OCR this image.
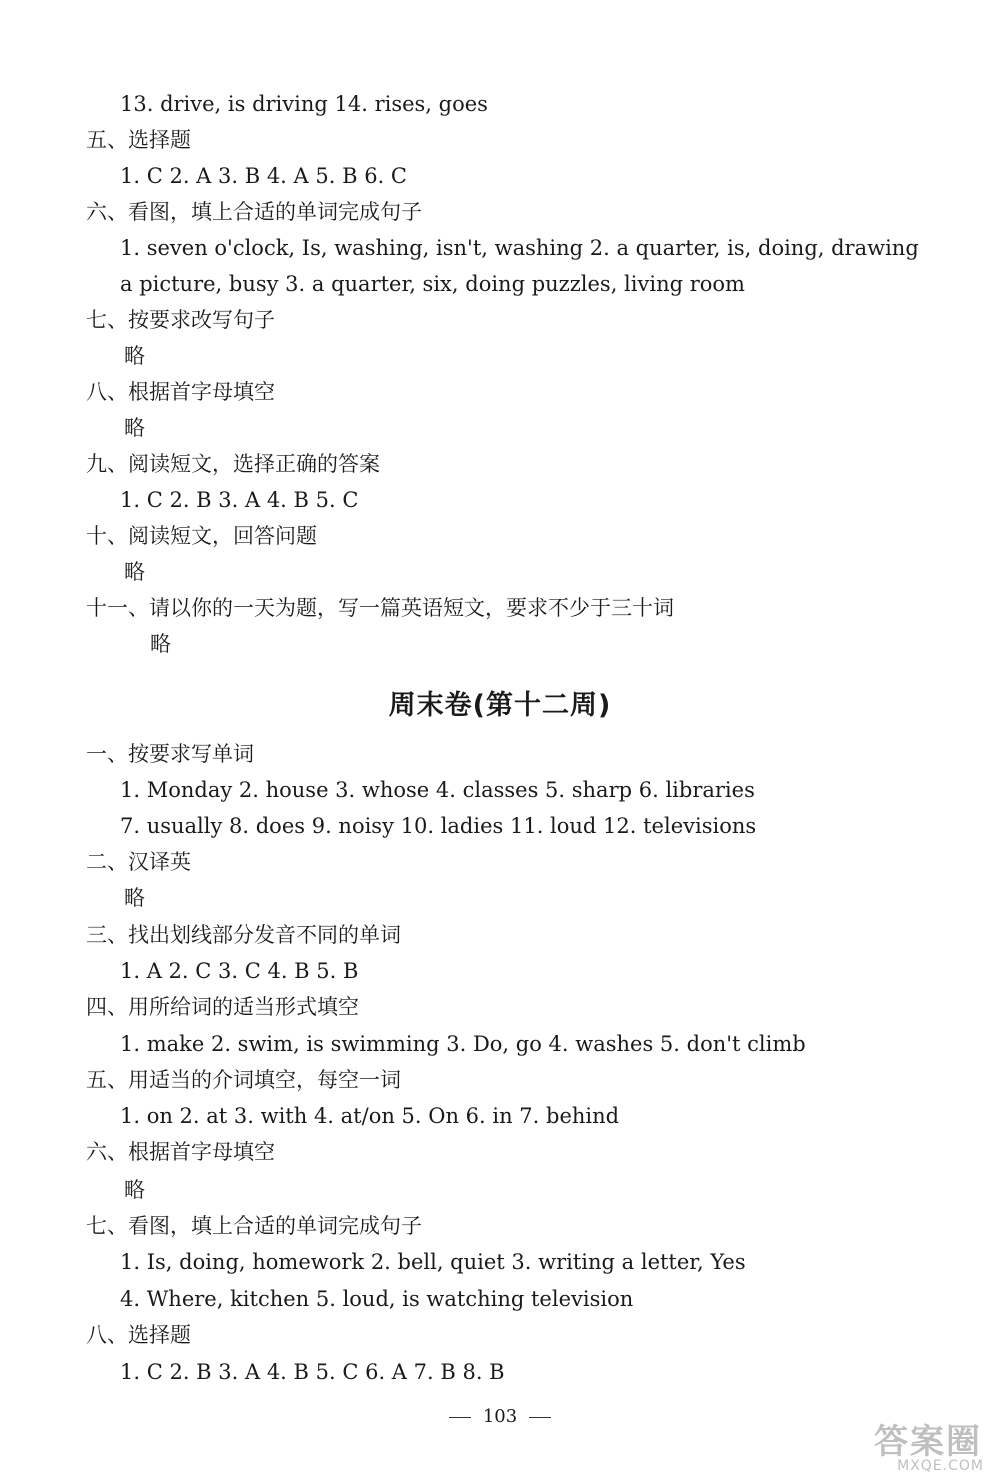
13. drive, is driving 14. rises, goes
五、选择题
1. C 2. A 3. B 4. A 5. B 6. C
六、看图，填上合适的单词完成句子
1. seven o'clock, Is, washing, isn't, washing 2. a quarter, is, doing, drawing
a picture, busy 3. a quarter, six, doing puzzles, living room
七、按要求改写句子
略
八、根据首字母填空
略
九、阅读短文，选择正确的答案
1. C 2. B 3. A 4. B 5. C
十、阅读短文，回答问题
略
十一、请以你的一天为题，写一篇英语短文，要求不少于三十词
略
一、按要求写单词
1. Monday 2. house 3. whose 4. classes 5. sharp 6. libraries
7. usually 8. does 9. noisy 10. ladies 11. loud 12. televisions
二、汉译英
略
三、找出划线部分发音不同的单词
1. A 2. C 3. C 4. B 5. B
四、用所给词的适当形式填空
1. make 2. swim, is swimming 3. Do, go 4. washes 5. don't climb
五、用适当的介词填空，每空一词
1. on 2. at 3. with 4. at/on 5. On 6. in 7. behind
六、根据首字母填空
略
七、看图，填上合适的单词完成句子
1. Is, doing, homework 2. bell, quiet 3. writing a letter, Yes
4. Where, kitchen 5. loud, is watching television
八、选择题
1. C 2. B 3. A 4. B 5. C 6. A 7. B 8. B
周末卷(第十二周)
103
答案圈
MXQE.COM
